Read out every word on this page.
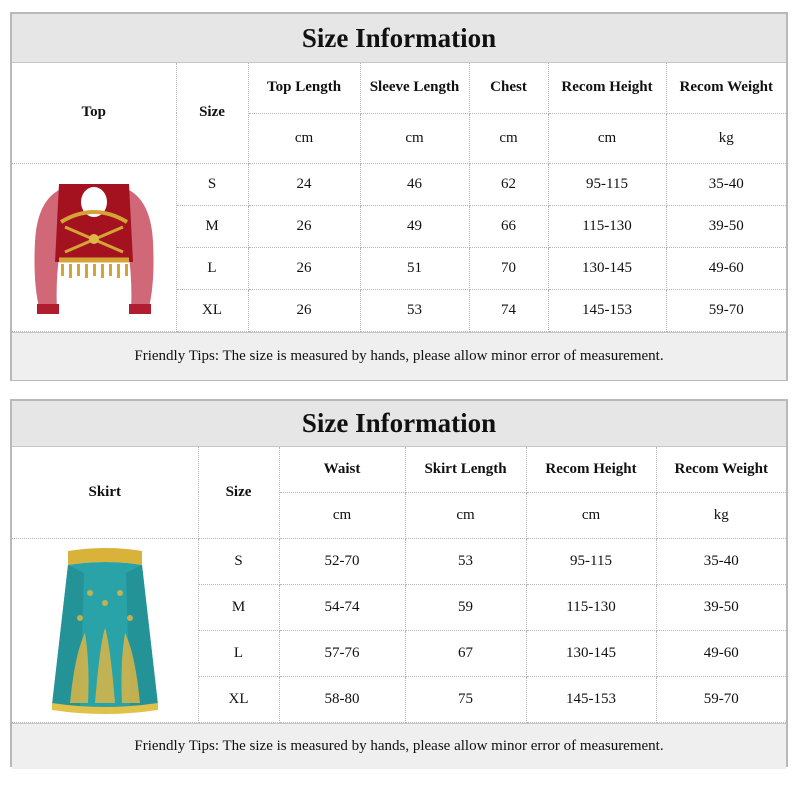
Size Information
Top	Size	Top Length	Sleeve Length	Chest	Recom Height	Recom Weight
		cm	cm	cm	cm	kg

	S	24	46	62	95-115	35-40
	M	26	49	66	115-130	39-50
	L	26	51	70	130-145	49-60
	XL	26	53	74	145-153	59-70
Friendly Tips: The size is measured by hands, please allow minor error of measurement.
Size Information
Skirt	Size	Waist	Skirt Length	Recom Height	Recom Weight
		cm	cm	cm	kg

	S	52-70	53	95-115	35-40
	M	54-74	59	115-130	39-50
	L	57-76	67	130-145	49-60
	XL	58-80	75	145-153	59-70
Friendly Tips: The size is measured by hands, please allow minor error of measurement.
